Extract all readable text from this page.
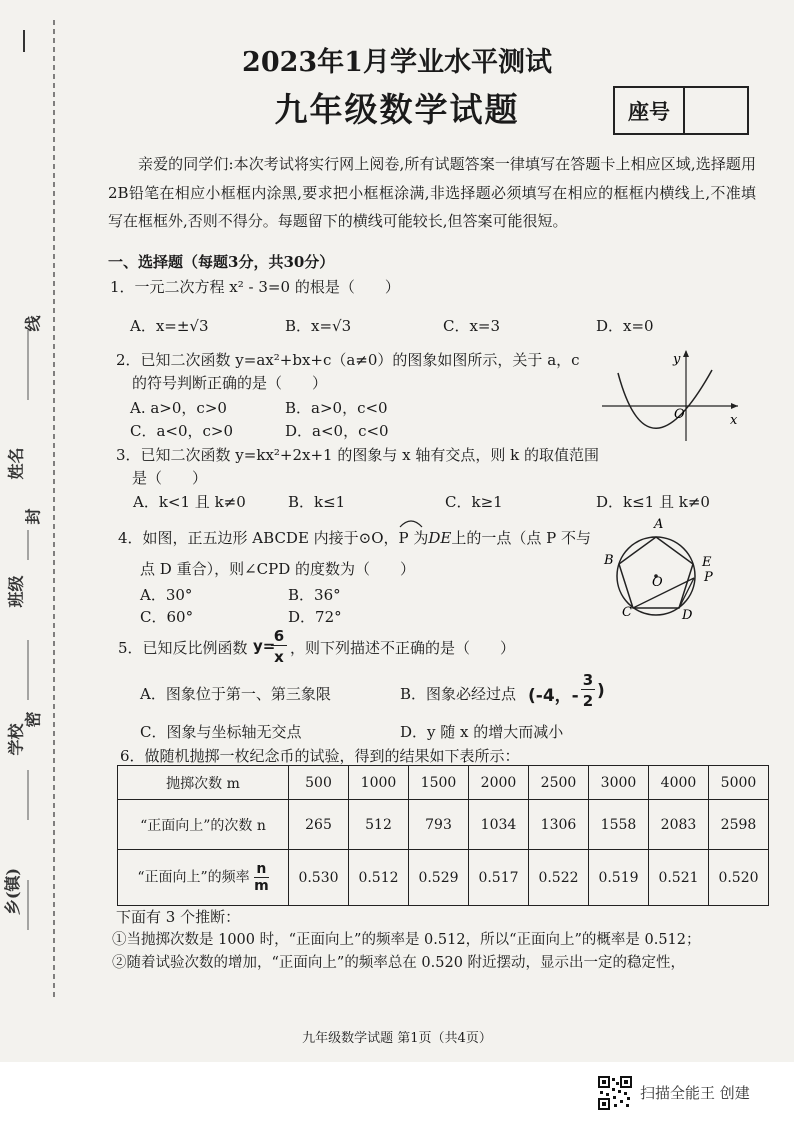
线
姓名
封
班级
密
学校
乡(镇)
2023年1月学业水平测试
九年级数学试题	座号
亲爱的同学们:本次考试将实行网上阅卷,所有试题答案一律填写在答题卡上相应区域,选择题用2B铅笔在相应小框框内涂黑,要求把小框框涂满,非选择题必须填写在相应的框框内横线上,不准填写在框框外,否则不得分。每题留下的横线可能较长,但答案可能很短。
一、选择题（每题3分，共30分）
1．一元二次方程 x² - 3=0 的根是（　　）
A．x=±√3	B．x=√3	C．x=3	D．x=0
2．已知二次函数 y=ax²+bx+c（a≠0）的图象如图所示，关于 a，c
的符号判断正确的是（　　）
A. a>0，c>0	B．a>0，c<0
C．a<0，c>0	D．a<0，c<0
y
x
O
3．已知二次函数 y=kx²+2x+1 的图象与 x 轴有交点，则 k 的取值范围
是（　　）
A．k<1 且 k≠0	B．k≤1	C．k≥1	D．k≤1 且 k≠0
4．如图，正五边形 ABCDE 内接于⊙O，P 为DE上的一点（点 P 不与
点 D 重合），则∠CPD 的度数为（　　）
A．30°	B．36°
C．60°	D．72°
A
B
C	D
E
P
O
5．已知反比例函数 y=
6
x ，则下列描述不正确的是（　　）
A．图象位于第一、第三象限	B．图象必经过点 (-4，-
3
2 )
C．图象与坐标轴无交点	D．y 随 x 的增大而减小
6．做随机抛掷一枚纪念币的试验，得到的结果如下表所示：
抛掷次数 m	500	1000	1500	2000	2500	3000	4000	5000
“正面向上”的次数 n	265	512	793	1034	1306	1558	2083	2598
“正面向上”的频率 $\frac{n}{m}$	0.530	0.512	0.529	0.517	0.522	0.519	0.521	0.520
下面有 3 个推断：
①当抛掷次数是 1000 时，“正面向上”的频率是 0.512，所以“正面向上”的概率是 0.512；
②随着试验次数的增加，“正面向上”的频率总在 0.520 附近摆动，显示出一定的稳定性，
九年级数学试题 第1页（共4页）
扫描全能王 创建
